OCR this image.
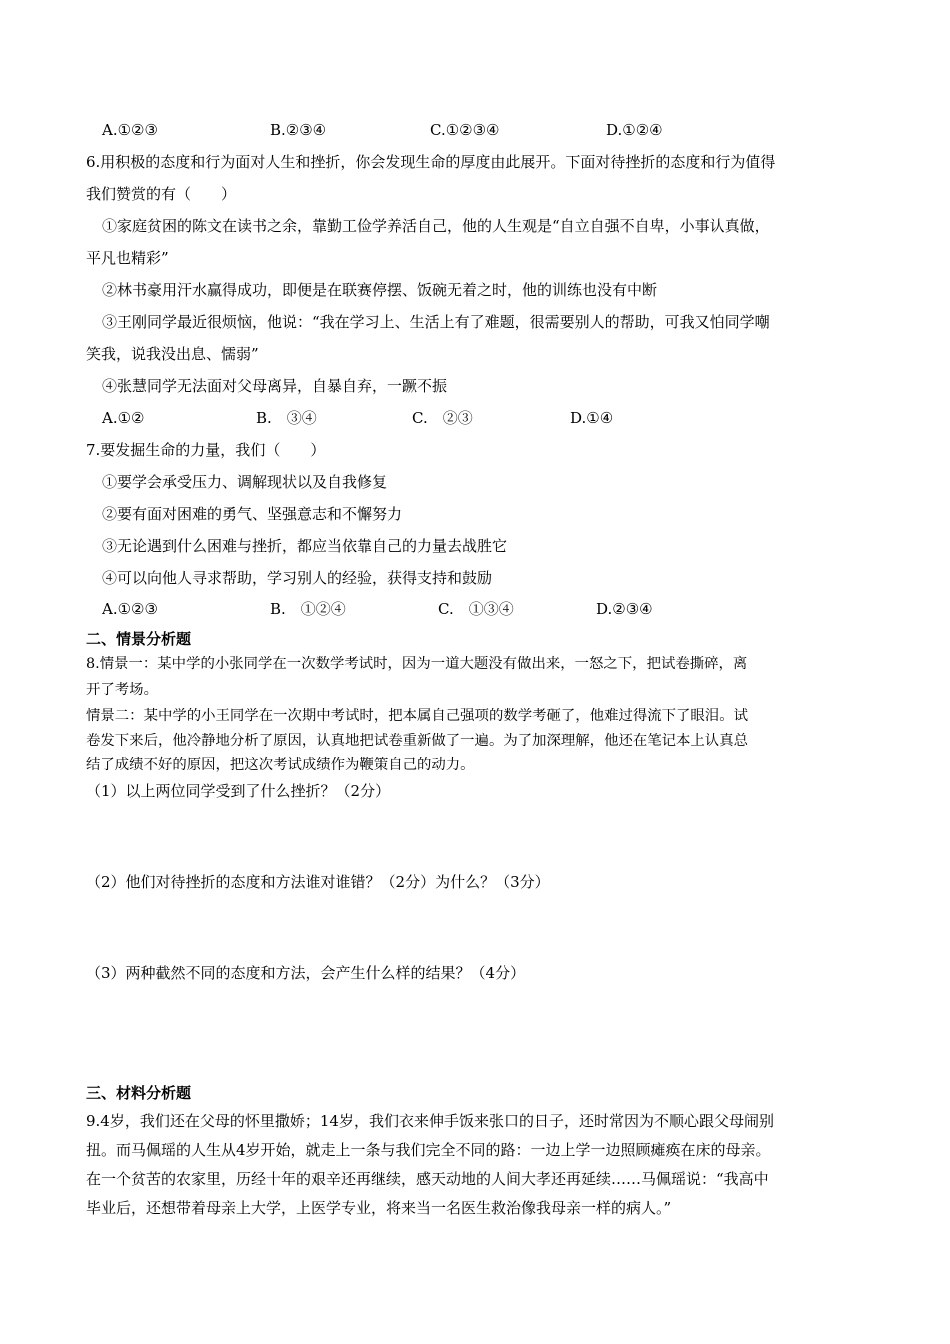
A.①②③	B.②③④	C.①②③④	D.①②④
6.用积极的态度和行为面对人生和挫折，你会发现生命的厚度由此展开。下面对待挫折的态度和行为值得
我们赞赏的有（　　）
①家庭贫困的陈文在读书之余，靠勤工俭学养活自己，他的人生观是“自立自强不自卑，小事认真做，
平凡也精彩”
②林书豪用汗水赢得成功，即便是在联赛停摆、饭碗无着之时，他的训练也没有中断
③王刚同学最近很烦恼，他说：“我在学习上、生活上有了难题，很需要别人的帮助，可我又怕同学嘲
笑我，说我没出息、懦弱”
④张慧同学无法面对父母离异，自暴自弃，一蹶不振
A.①②	B.　③④	C.　②③	D.①④
7.要发掘生命的力量，我们（　　）
①要学会承受压力、调解现状以及自我修复
②要有面对困难的勇气、坚强意志和不懈努力
③无论遇到什么困难与挫折，都应当依靠自己的力量去战胜它
④可以向他人寻求帮助，学习别人的经验，获得支持和鼓励
A.①②③	B.　①②④	C.　①③④	D.②③④
二、情景分析题
8.情景一：某中学的小张同学在一次数学考试时，因为一道大题没有做出来，一怒之下，把试卷撕碎，离
开了考场。
情景二：某中学的小王同学在一次期中考试时，把本属自己强项的数学考砸了，他难过得流下了眼泪。试
卷发下来后，他冷静地分析了原因，认真地把试卷重新做了一遍。为了加深理解，他还在笔记本上认真总
结了成绩不好的原因，把这次考试成绩作为鞭策自己的动力。
（1）以上两位同学受到了什么挫折？（2分）
（2）他们对待挫折的态度和方法谁对谁错？（2分）为什么？（3分）
（3）两种截然不同的态度和方法，会产生什么样的结果？（4分）
三、材料分析题
9.4岁，我们还在父母的怀里撒娇；14岁，我们衣来伸手饭来张口的日子，还时常因为不顺心跟父母闹别
扭。而马佩瑶的人生从4岁开始，就走上一条与我们完全不同的路：一边上学一边照顾瘫痪在床的母亲。
在一个贫苦的农家里，历经十年的艰辛还再继续，感天动地的人间大孝还再延续……马佩瑶说：“我高中
毕业后，还想带着母亲上大学，上医学专业，将来当一名医生救治像我母亲一样的病人。”
